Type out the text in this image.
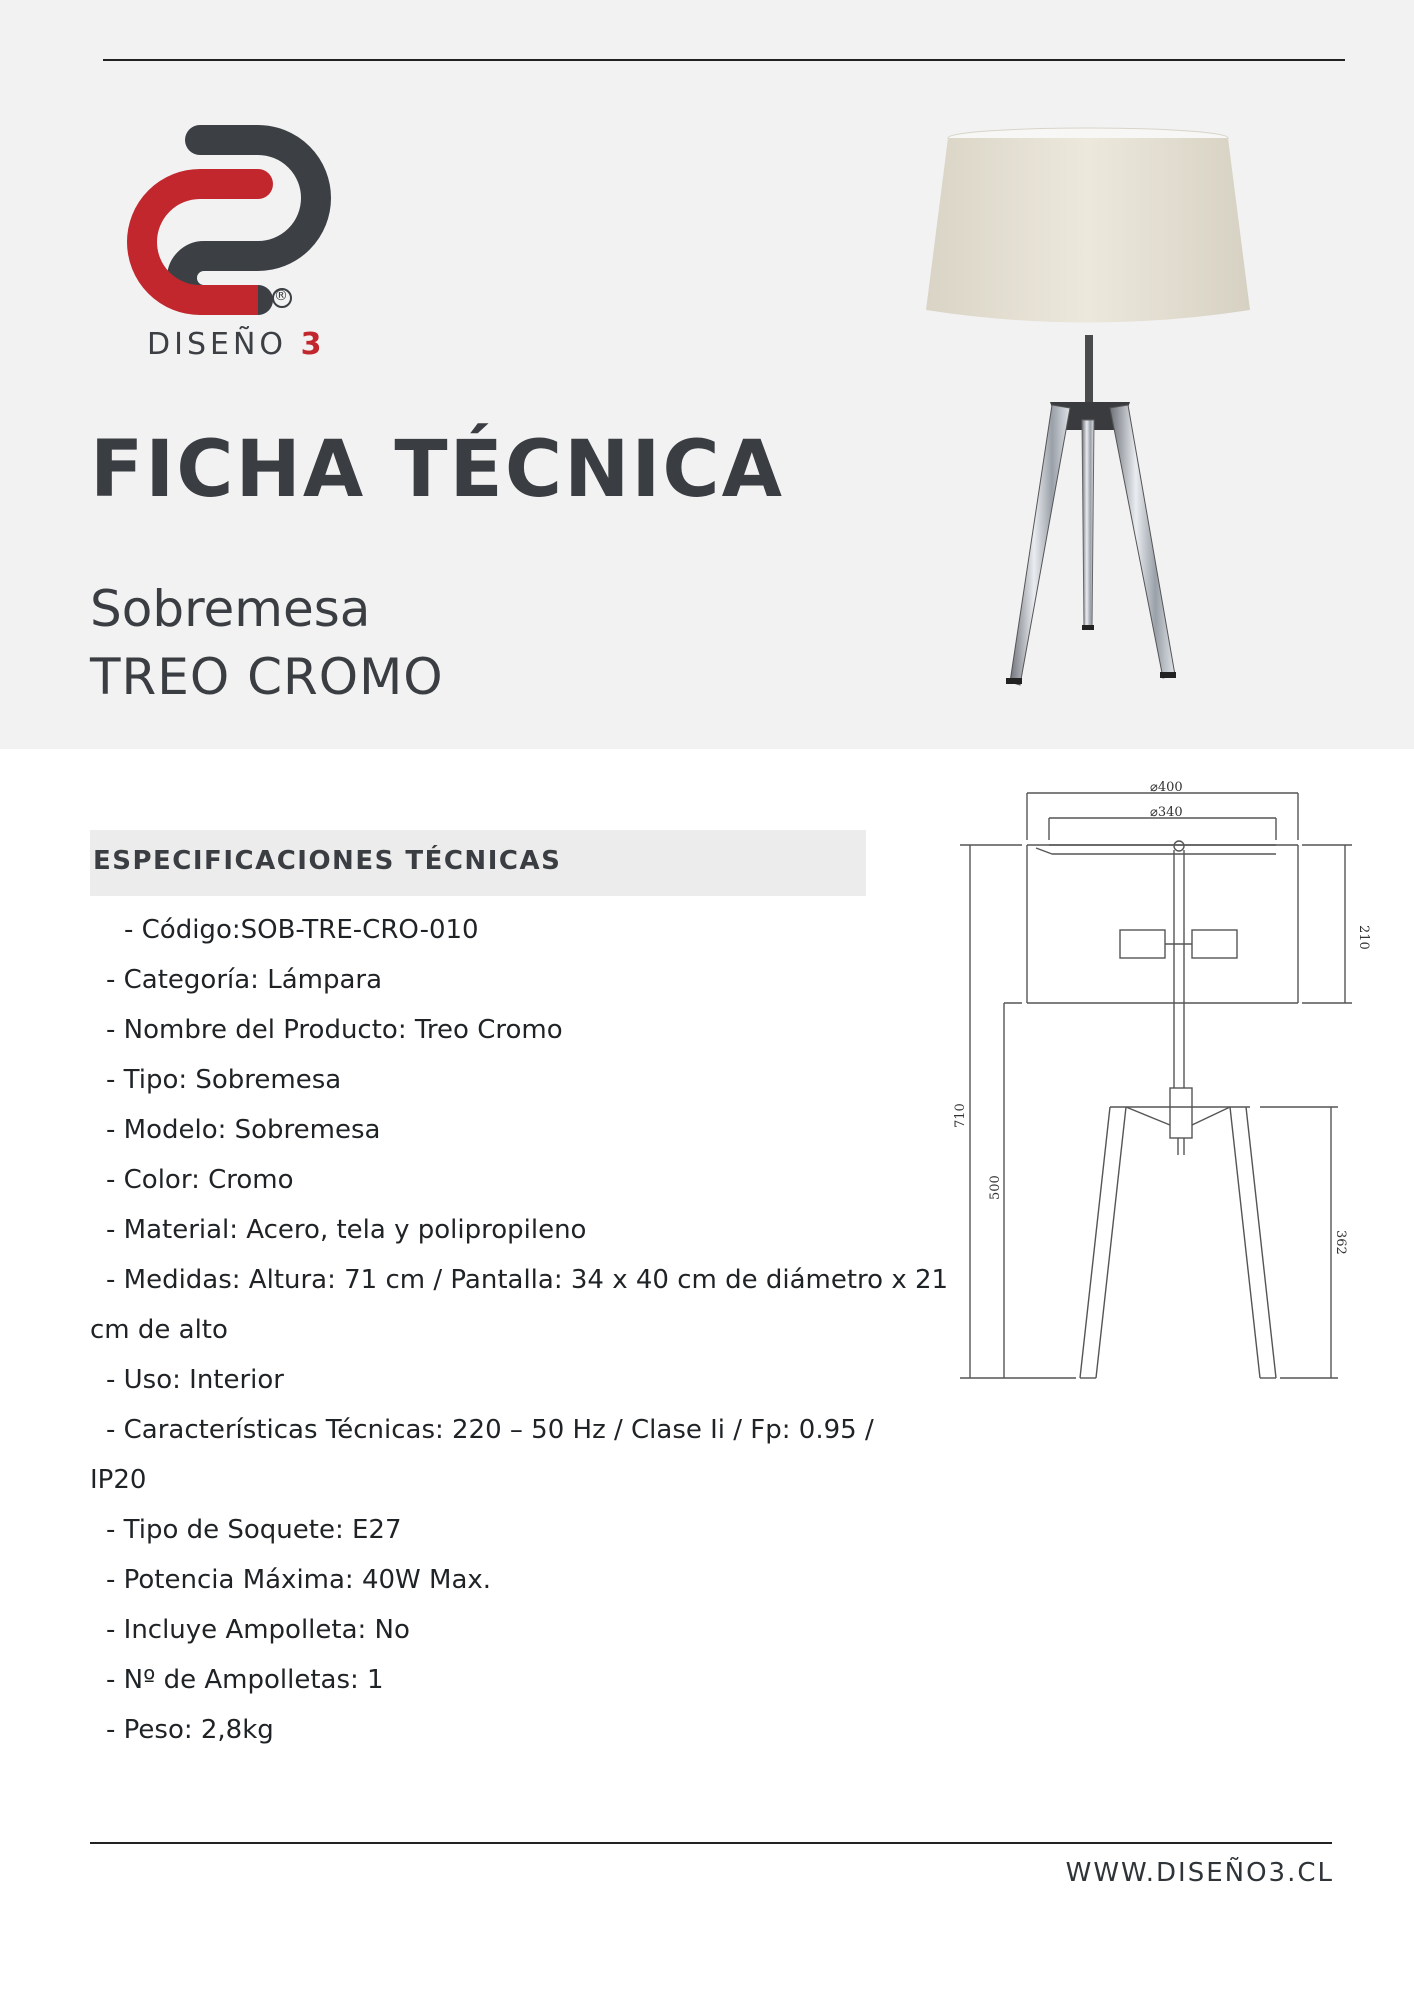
®
DISEÑO 3
FICHA TÉCNICA
Sobremesa
TREO CROMO
ESPECIFICACIONES TÉCNICAS
- Código:SOB-TRE-CRO-010
- Categoría: Lámpara
- Nombre del Producto: Treo Cromo
- Tipo: Sobremesa
- Modelo: Sobremesa
- Color: Cromo
- Material: Acero, tela y polipropileno
- Medidas: Altura: 71 cm / Pantalla: 34 x 40 cm de diámetro x 21
cm de alto
- Uso: Interior
- Características Técnicas: 220 – 50 Hz / Clase Ii / Fp: 0.95 /
IP20
- Tipo de Soquete: E27
- Potencia Máxima: 40W Max.
- Incluye Ampolleta: No
- Nº de Ampolletas: 1
- Peso: 2,8kg
⌀400
⌀340
210
710
500
362
WWW.DISEÑO3.CL
